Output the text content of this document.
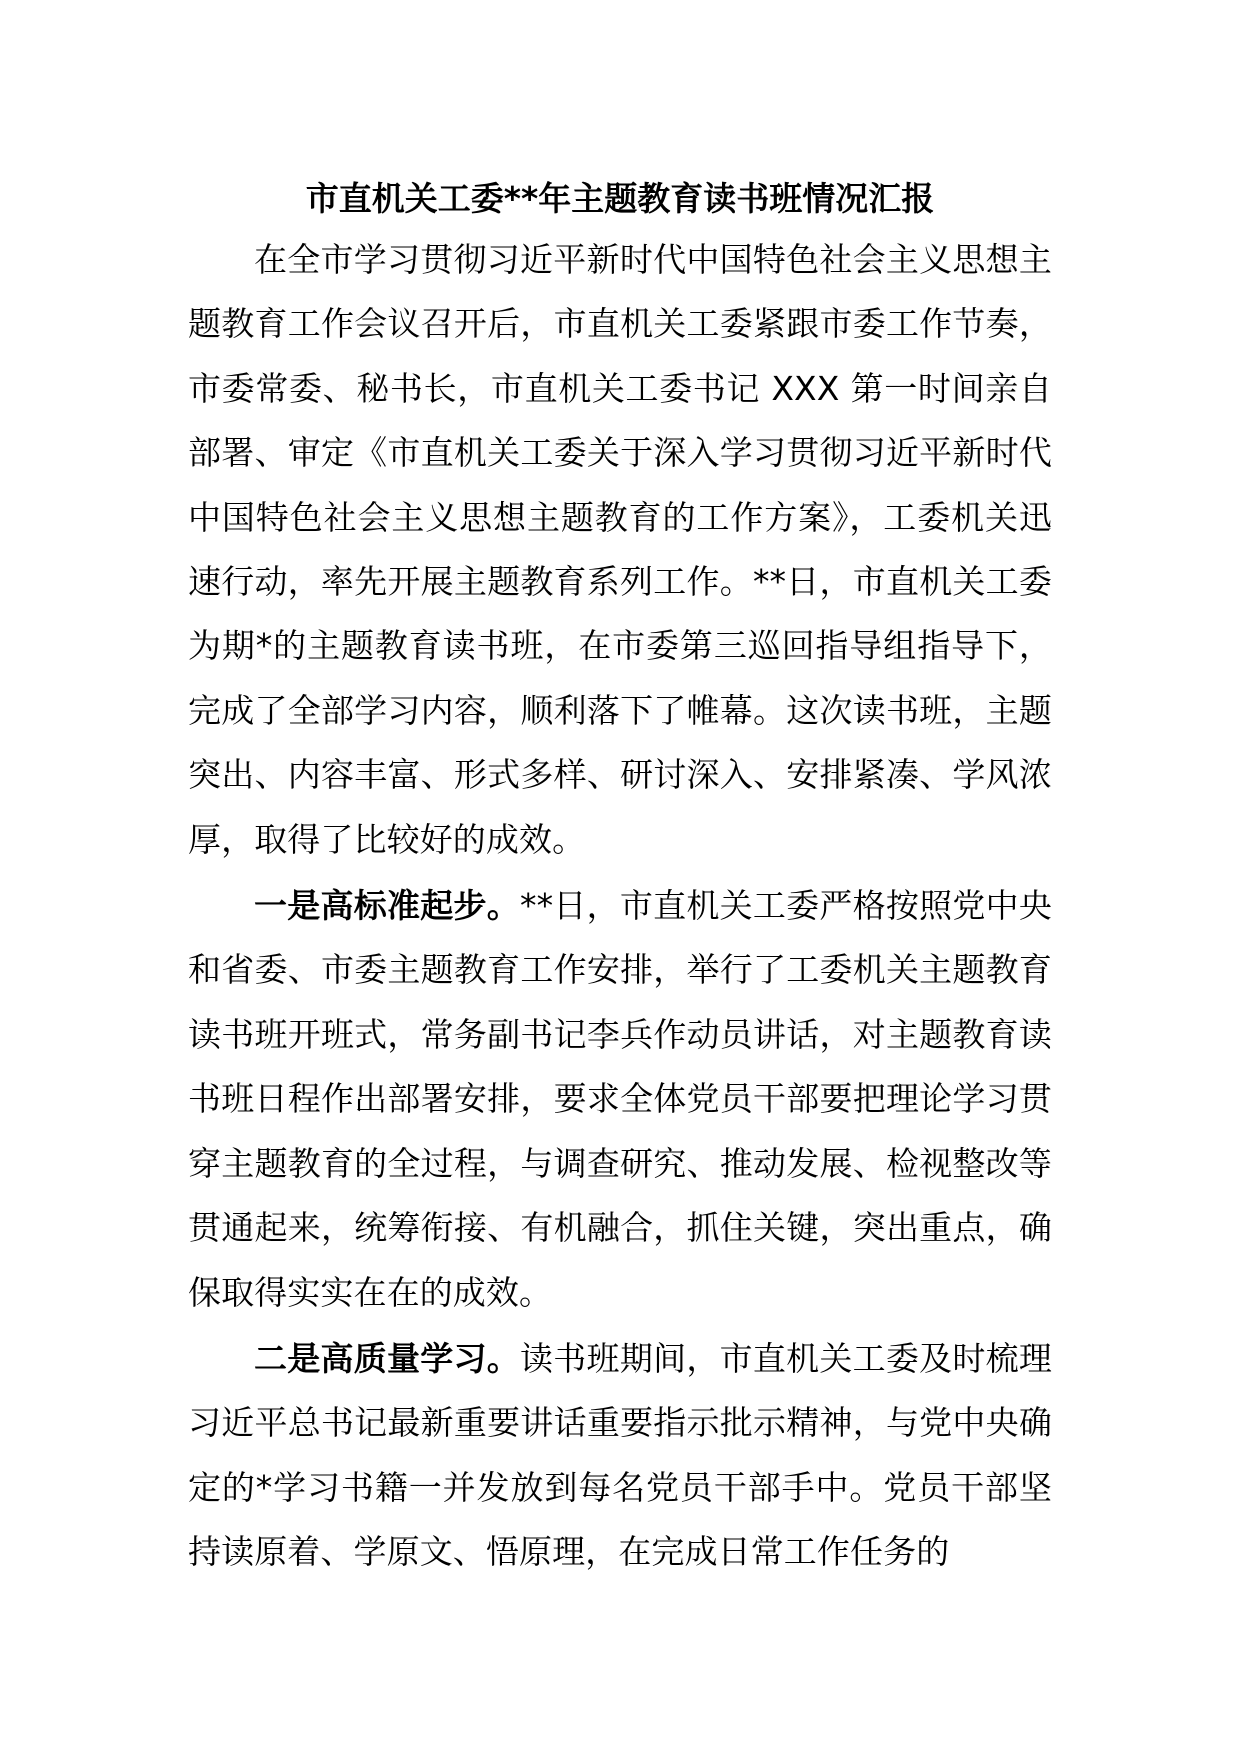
市直机关工委**年主题教育读书班情况汇报

在全市学习贯彻习近平新时代中国特色社会主义思想主题教育工作会议召开后，市直机关工委紧跟市委工作节奏，市委常委、秘书长，市直机关工委书记 XXX 第一时间亲自部署、审定《市直机关工委关于深入学习贯彻习近平新时代中国特色社会主义思想主题教育的工作方案》，工委机关迅速行动，率先开展主题教育系列工作。**日，市直机关工委为期*的主题教育读书班，在市委第三巡回指导组指导下，完成了全部学习内容，顺利落下了帷幕。这次读书班，主题突出、内容丰富、形式多样、研讨深入、安排紧凑、学风浓厚，取得了比较好的成效。

一是高标准起步。**日，市直机关工委严格按照党中央和省委、市委主题教育工作安排，举行了工委机关主题教育读书班开班式，常务副书记李兵作动员讲话，对主题教育读书班日程作出部署安排，要求全体党员干部要把理论学习贯穿主题教育的全过程，与调查研究、推动发展、检视整改等贯通起来，统筹衔接、有机融合，抓住关键，突出重点，确保取得实实在在的成效。

二是高质量学习。读书班期间，市直机关工委及时梳理习近平总书记最新重要讲话重要指示批示精神，与党中央确定的*学习书籍一并发放到每名党员干部手中。党员干部坚持读原着、学原文、悟原理，在完成日常工作任务的
